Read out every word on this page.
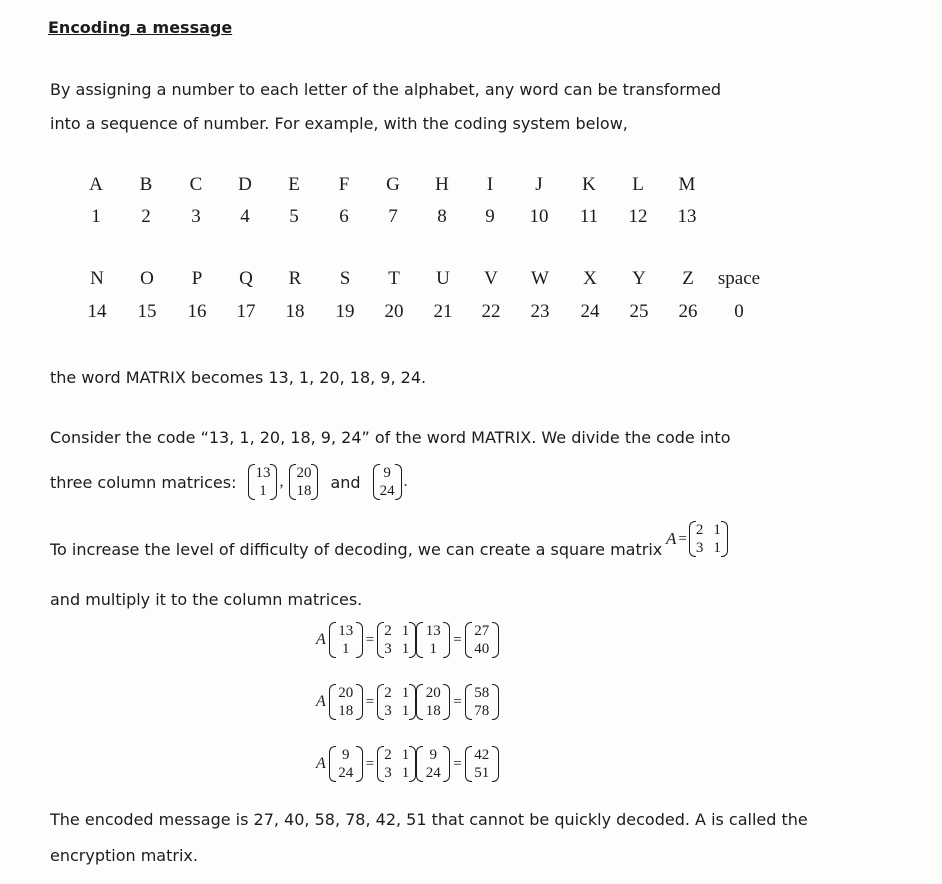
Encoding a message
By assigning a number to each letter of the alphabet, any word can be transformed
into a sequence of number. For example, with the coding system below,
A B C D E F G H I J K L M
1 2 3 4 5 6 7 8 9 10 11 12 13
N O P Q R S T U V W X Y Z space
14 15 16 17 18 19 20 21 22 23 24 25 26 0
the word MATRIX becomes 13, 1, 20, 18, 9, 24.
Consider the code “13, 1, 20, 18, 9, 24” of the word MATRIX. We divide the code into
three column matrices: 13
1
, 20
18 and 9
24
.
To increase the level of difficulty of decoding, we can create a square matrix
A =
2 1
3 1
and multiply it to the column matrices.
A 13
1
=
2 1
3 1
13
1
=
27
40
A 20
18
=
2 1
3 1
20
18
=
58
78
A	9
24
=
2 1
3 1
9
24
=
42
51
The encoded message is 27, 40, 58, 78, 42, 51 that cannot be quickly decoded. A is called the
encryption matrix.
